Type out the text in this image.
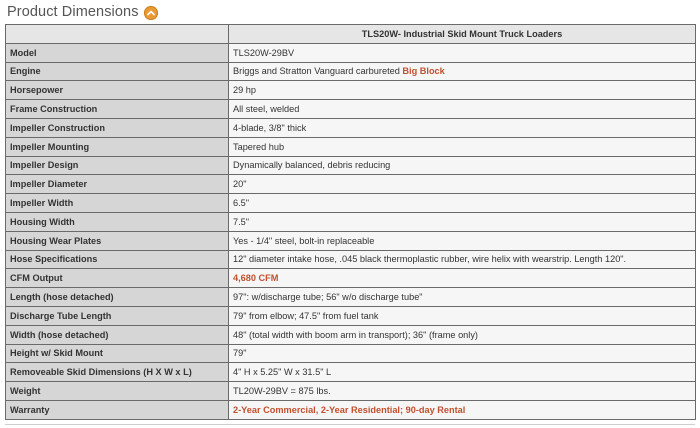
Product Dimensions
	TLS20W- Industrial Skid Mount Truck Loaders
Model	TLS20W-29BV
Engine	Briggs and Stratton Vanguard carbureted Big Block
Horsepower	29 hp
Frame Construction	All steel, welded
Impeller Construction	4-blade, 3/8" thick
Impeller Mounting	Tapered hub
Impeller Design	Dynamically balanced, debris reducing
Impeller Diameter	20"
Impeller Width	6.5"
Housing Width	7.5"
Housing Wear Plates	Yes - 1/4" steel, bolt-in replaceable
Hose Specifications	12" diameter intake hose, .045 black thermoplastic rubber, wire helix with wearstrip. Length 120".
CFM Output	4,680 CFM
Length (hose detached)	97": w/discharge tube; 56" w/o discharge tube"
Discharge Tube Length	79" from elbow; 47.5" from fuel tank
Width (hose detached)	48" (total width with boom arm in transport); 36" (frame only)
Height w/ Skid Mount	79"
Removeable Skid Dimensions (H X W x L)	4" H x 5.25" W x 31.5" L
Weight	TL20W-29BV = 875 lbs.
Warranty	2-Year Commercial, 2-Year Residential; 90-day Rental
